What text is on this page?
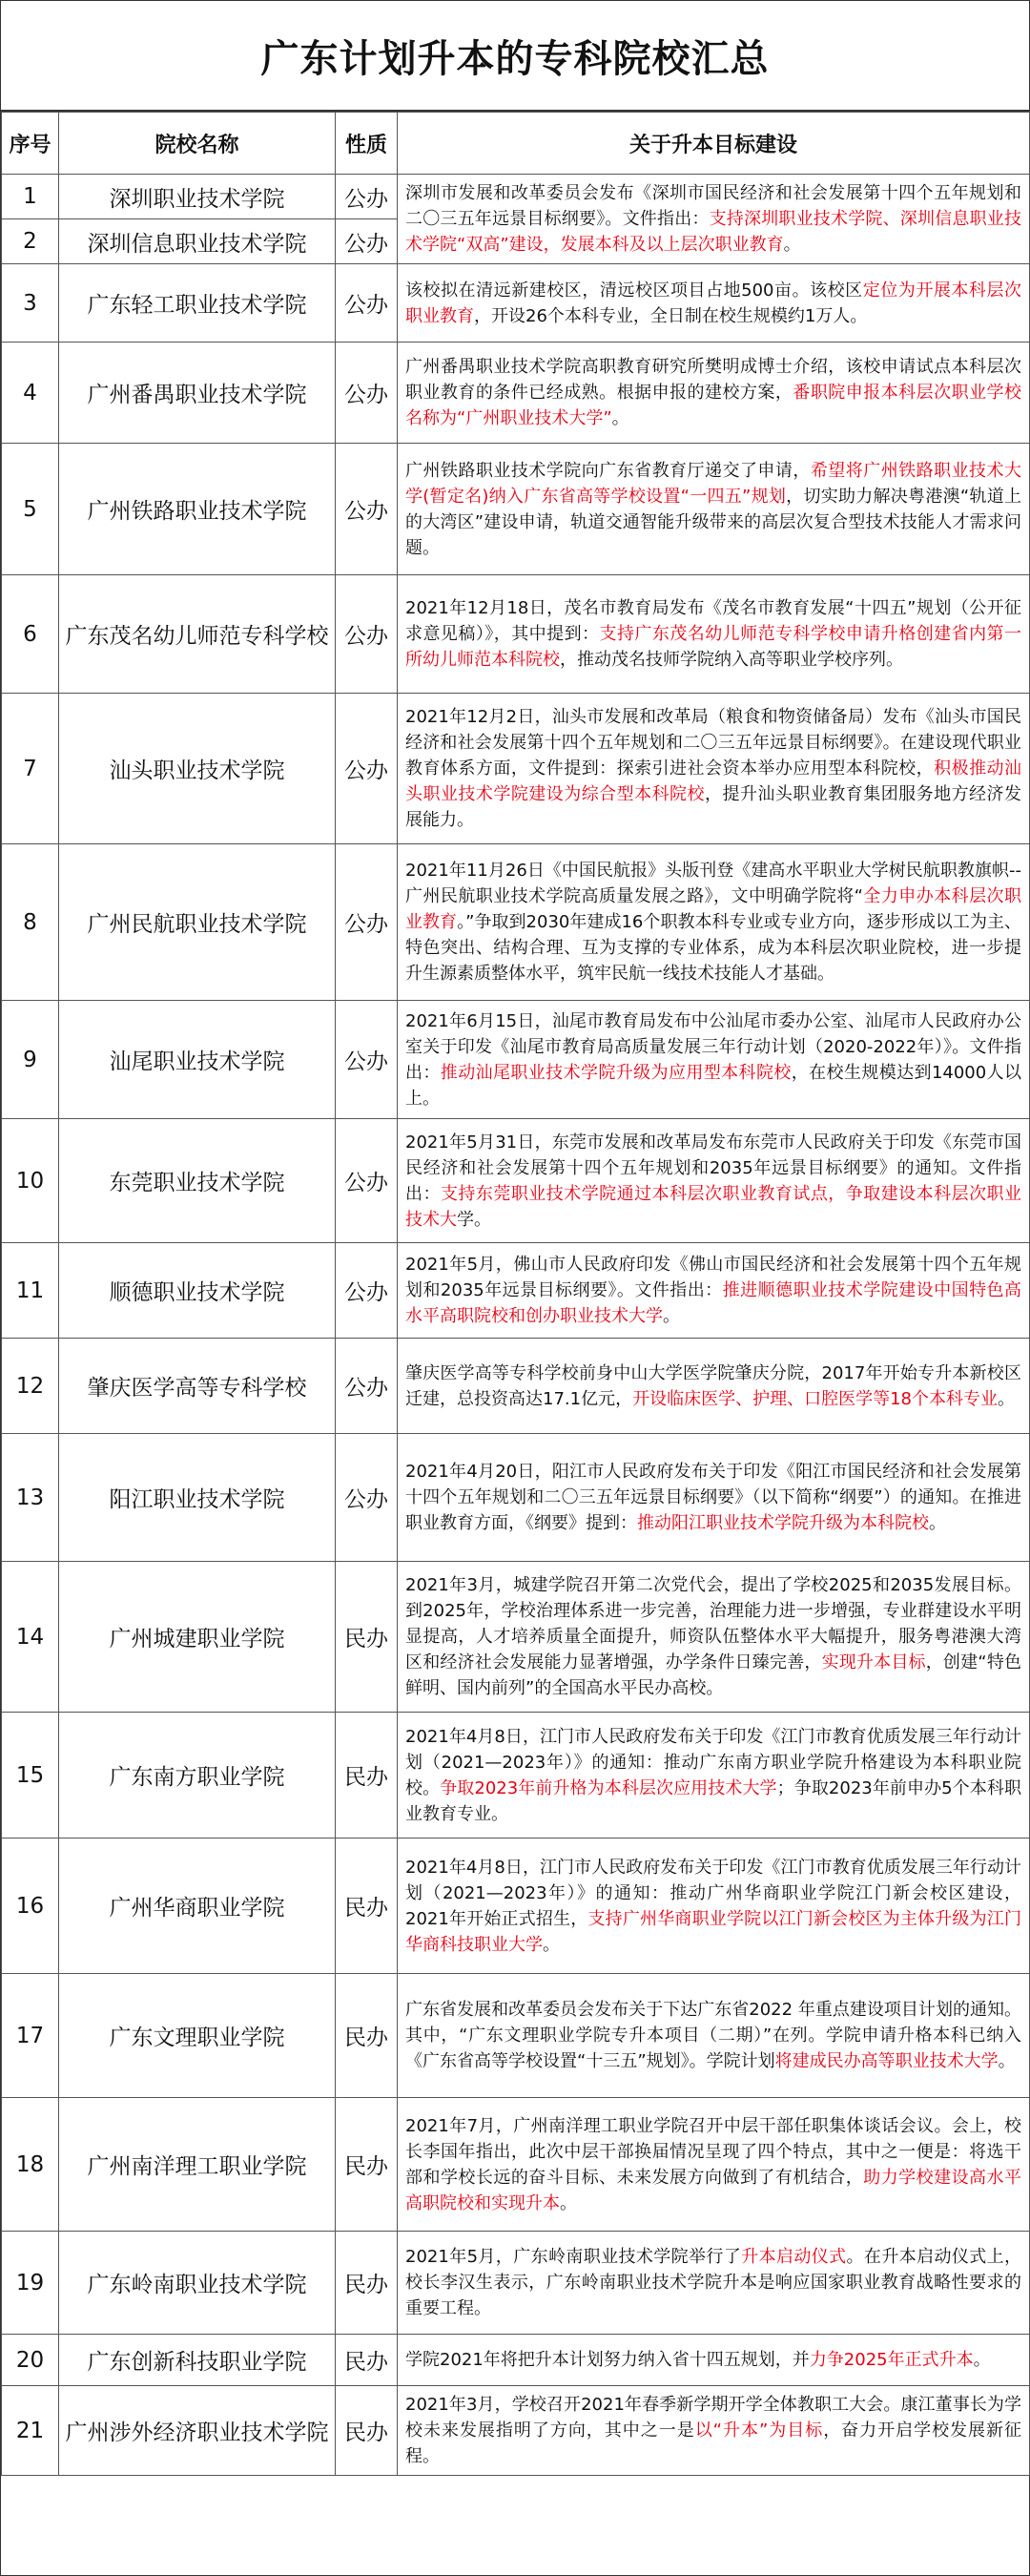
广东计划升本的专科院校汇总
序号	院校名称	性质	关于升本目标建设
1	深圳职业技术学院	公办	深圳市发展和改革委员会发布《深圳市国民经济和社会发展第十四个五年规划和二〇三五年远景目标纲要》。文件指出：支持深圳职业技术学院、深圳信息职业技术学院“双高”建设，发展本科及以上层次职业教育。
2	深圳信息职业技术学院	公办	
3	广东轻工职业技术学院	公办	该校拟在清远新建校区，清远校区项目占地500亩。该校区定位为开展本科层次职业教育，开设26个本科专业，全日制在校生规模约1万人。
4	广州番禺职业技术学院	公办	广州番禺职业技术学院高职教育研究所樊明成博士介绍，该校申请试点本科层次职业教育的条件已经成熟。根据申报的建校方案，番职院申报本科层次职业学校名称为“广州职业技术大学”。
5	广州铁路职业技术学院	公办	广州铁路职业技术学院向广东省教育厅递交了申请，希望将广州铁路职业技术大学(暂定名)纳入广东省高等学校设置“一四五”规划，切实助力解决粤港澳“轨道上的大湾区”建设申请，轨道交通智能升级带来的高层次复合型技术技能人才需求问题。
6	广东茂名幼儿师范专科学校	公办	2021年12月18日，茂名市教育局发布《茂名市教育发展“十四五”规划（公开征求意见稿）》，其中提到：支持广东茂名幼儿师范专科学校申请升格创建省内第一所幼儿师范本科院校，推动茂名技师学院纳入高等职业学校序列。
7	汕头职业技术学院	公办	2021年12月2日，汕头市发展和改革局（粮食和物资储备局）发布《汕头市国民经济和社会发展第十四个五年规划和二〇三五年远景目标纲要》。在建设现代职业教育体系方面，文件提到：探索引进社会资本举办应用型本科院校，积极推动汕头职业技术学院建设为综合型本科院校，提升汕头职业教育集团服务地方经济发展能力。
8	广州民航职业技术学院	公办	2021年11月26日《中国民航报》头版刊登《建高水平职业大学树民航职教旗帜--广州民航职业技术学院高质量发展之路》，文中明确学院将“全力申办本科层次职业教育。”争取到2030年建成16个职教本科专业或专业方向，逐步形成以工为主、特色突出、结构合理、互为支撑的专业体系，成为本科层次职业院校，进一步提升生源素质整体水平，筑牢民航一线技术技能人才基础。
9	汕尾职业技术学院	公办	2021年6月15日，汕尾市教育局发布中公汕尾市委办公室、汕尾市人民政府办公室关于印发《汕尾市教育局高质量发展三年行动计划（2020-2022年）》。文件指出：推动汕尾职业技术学院升级为应用型本科院校，在校生规模达到14000人以上。
10	东莞职业技术学院	公办	2021年5月31日，东莞市发展和改革局发布东莞市人民政府关于印发《东莞市国民经济和社会发展第十四个五年规划和2035年远景目标纲要》的通知。文件指出：支持东莞职业技术学院通过本科层次职业教育试点，争取建设本科层次职业技术大学。
11	顺德职业技术学院	公办	2021年5月，佛山市人民政府印发《佛山市国民经济和社会发展第十四个五年规划和2035年远景目标纲要》。文件指出：推进顺德职业技术学院建设中国特色高水平高职院校和创办职业技术大学。
12	肇庆医学高等专科学校	公办	肇庆医学高等专科学校前身中山大学医学院肇庆分院，2017年开始专升本新校区迁建，总投资高达17.1亿元，开设临床医学、护理、口腔医学等18个本科专业。
13	阳江职业技术学院	公办	2021年4月20日，阳江市人民政府发布关于印发《阳江市国民经济和社会发展第十四个五年规划和二〇三五年远景目标纲要》（以下简称“纲要”）的通知。在推进职业教育方面，《纲要》提到：推动阳江职业技术学院升级为本科院校。
14	广州城建职业学院	民办	2021年3月，城建学院召开第二次党代会，提出了学校2025和2035发展目标。到2025年，学校治理体系进一步完善，治理能力进一步增强，专业群建设水平明显提高，人才培养质量全面提升，师资队伍整体水平大幅提升，服务粤港澳大湾区和经济社会发展能力显著增强，办学条件日臻完善，实现升本目标，创建“特色鲜明、国内前列”的全国高水平民办高校。
15	广东南方职业学院	民办	2021年4月8日，江门市人民政府发布关于印发《江门市教育优质发展三年行动计划（2021—2023年）》的通知：推动广东南方职业学院升格建设为本科职业院校。争取2023年前升格为本科层次应用技术大学；争取2023年前申办5个本科职业教育专业。
16	广州华商职业学院	民办	2021年4月8日，江门市人民政府发布关于印发《江门市教育优质发展三年行动计划（2021—2023年）》的通知：推动广州华商职业学院江门新会校区建设，2021年开始正式招生，支持广州华商职业学院以江门新会校区为主体升级为江门华商科技职业大学。
17	广东文理职业学院	民办	广东省发展和改革委员会发布关于下达广东省2022 年重点建设项目计划的通知。其中，“广东文理职业学院专升本项目（二期）”在列。学院申请升格本科已纳入《广东省高等学校设置“十三五”规划》。学院计划将建成民办高等职业技术大学。
18	广州南洋理工职业学院	民办	2021年7月，广州南洋理工职业学院召开中层干部任职集体谈话会议。会上，校长李国年指出，此次中层干部换届情况呈现了四个特点，其中之一便是：将选干部和学校长远的奋斗目标、未来发展方向做到了有机结合，助力学校建设高水平高职院校和实现升本。
19	广东岭南职业技术学院	民办	2021年5月，广东岭南职业技术学院举行了升本启动仪式。在升本启动仪式上，校长李汉生表示，广东岭南职业技术学院升本是响应国家职业教育战略性要求的重要工程。
20	广东创新科技职业学院	民办	学院2021年将把升本计划努力纳入省十四五规划，并力争2025年正式升本。
21	广州涉外经济职业技术学院	民办	2021年3月，学校召开2021年春季新学期开学全体教职工大会。康江董事长为学校未来发展指明了方向，其中之一是以“升本”为目标，奋力开启学校发展新征程。
